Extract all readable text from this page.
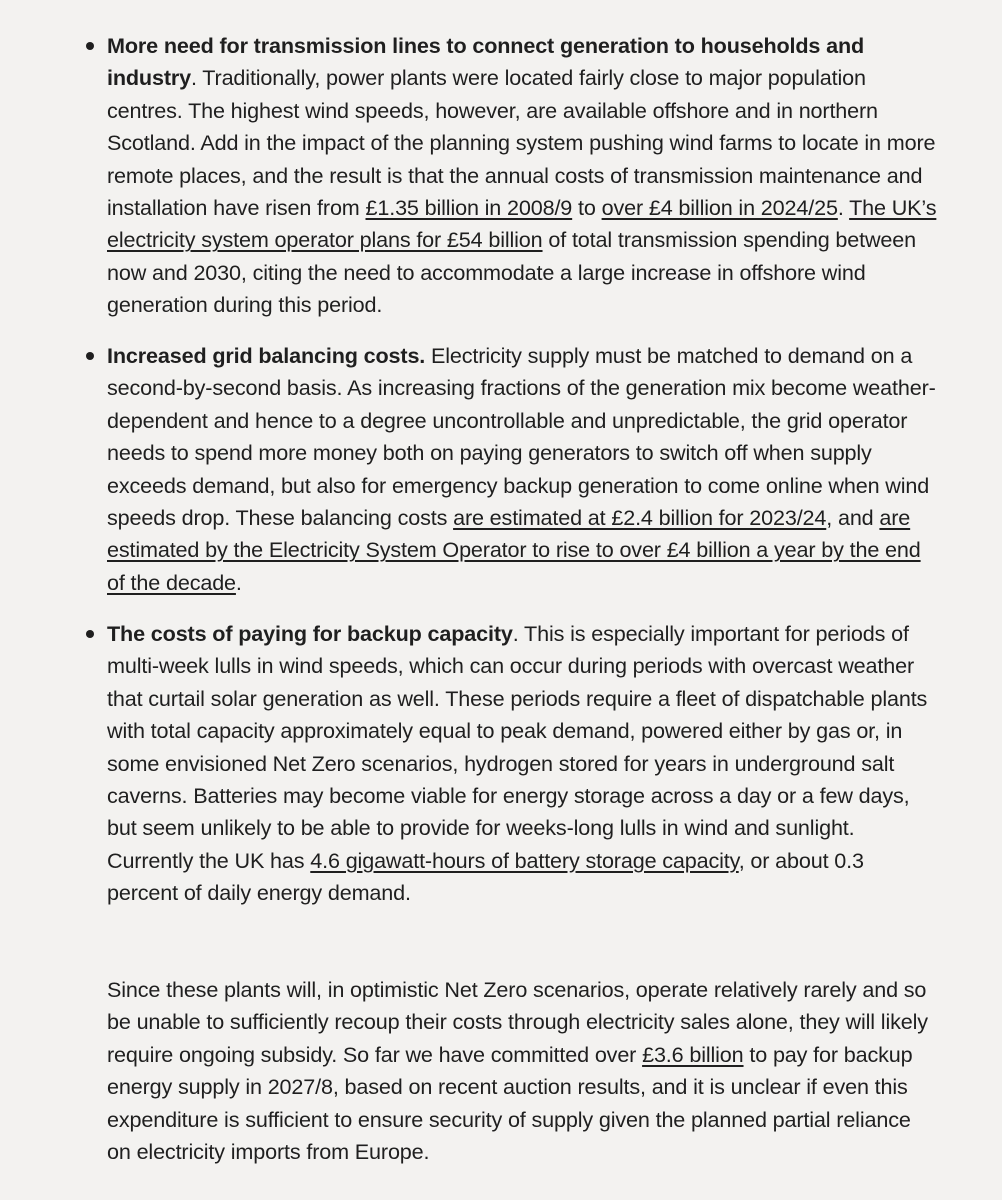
More need for transmission lines to connect generation to households and industry. Traditionally, power plants were located fairly close to major population centres. The highest wind speeds, however, are available offshore and in northern Scotland. Add in the impact of the planning system pushing wind farms to locate in more remote places, and the result is that the annual costs of transmission maintenance and installation have risen from £1.35 billion in 2008/9 to over £4 billion in 2024/25. The UK’s electricity system operator plans for £54 billion of total transmission spending between now and 2030, citing the need to accommodate a large increase in offshore wind generation during this period.
Increased grid balancing costs. Electricity supply must be matched to demand on a second-by-second basis. As increasing fractions of the generation mix become weather-dependent and hence to a degree uncontrollable and unpredictable, the grid operator needs to spend more money both on paying generators to switch off when supply exceeds demand, but also for emergency backup generation to come online when wind speeds drop. These balancing costs are estimated at £2.4 billion for 2023/24, and are estimated by the Electricity System Operator to rise to over £4 billion a year by the end of the decade.
The costs of paying for backup capacity. This is especially important for periods of multi-week lulls in wind speeds, which can occur during periods with overcast weather that curtail solar generation as well. These periods require a fleet of dispatchable plants with total capacity approximately equal to peak demand, powered either by gas or, in some envisioned Net Zero scenarios, hydrogen stored for years in underground salt caverns. Batteries may become viable for energy storage across a day or a few days, but seem unlikely to be able to provide for weeks-long lulls in wind and sunlight. Currently the UK has 4.6 gigawatt-hours of battery storage capacity, or about 0.3 percent of daily energy demand.

Since these plants will, in optimistic Net Zero scenarios, operate relatively rarely and so be unable to sufficiently recoup their costs through electricity sales alone, they will likely require ongoing subsidy. So far we have committed over £3.6 billion to pay for backup energy supply in 2027/8, based on recent auction results, and it is unclear if even this expenditure is sufficient to ensure security of supply given the planned partial reliance on electricity imports from Europe.
